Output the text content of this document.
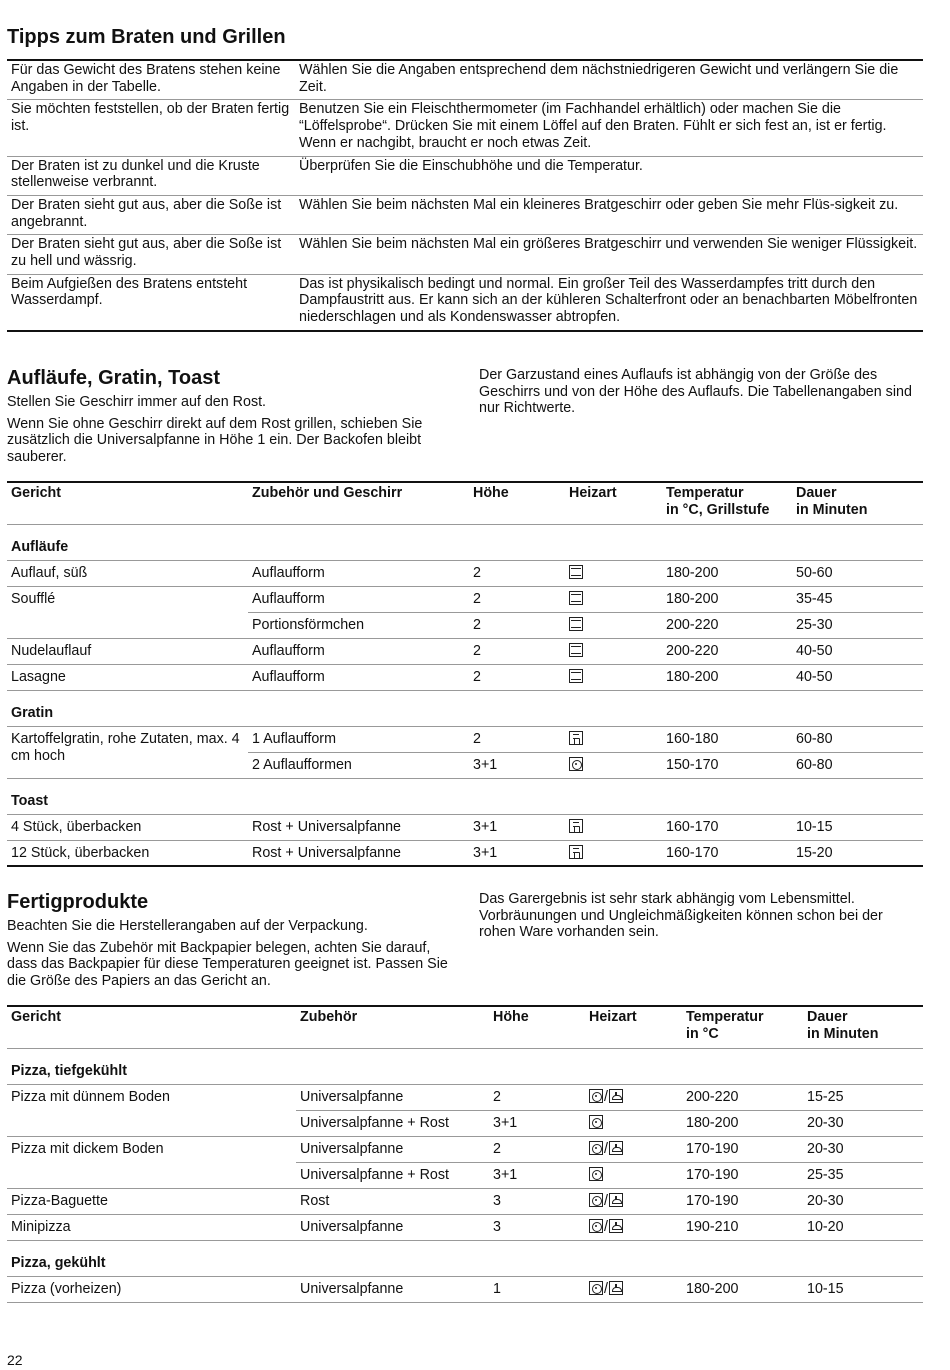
Tipps zum Braten und Grillen
Für das Gewicht des Bratens stehen keine Angaben in der Tabelle.	Wählen Sie die Angaben entsprechend dem nächstniedrigeren Gewicht und verlängern Sie die Zeit.
Sie möchten feststellen, ob der Braten fertig ist.	Benutzen Sie ein Fleischthermometer (im Fachhandel erhältlich) oder machen Sie die “Löffelsprobe“. Drücken Sie mit einem Löffel auf den Braten. Fühlt er sich fest an, ist er fertig. Wenn er nachgibt, braucht er noch etwas Zeit.
Der Braten ist zu dunkel und die Kruste stellenweise verbrannt.	Überprüfen Sie die Einschubhöhe und die Temperatur.
Der Braten sieht gut aus, aber die Soße ist angebrannt.	Wählen Sie beim nächsten Mal ein kleineres Bratgeschirr oder geben Sie mehr Flüs-sigkeit zu.
Der Braten sieht gut aus, aber die Soße ist zu hell und wässrig.	Wählen Sie beim nächsten Mal ein größeres Bratgeschirr und verwenden Sie weniger Flüssigkeit.
Beim Aufgießen des Bratens entsteht Wasserdampf.	Das ist physikalisch bedingt und normal. Ein großer Teil des Wasserdampfes tritt durch den Dampfaustritt aus. Er kann sich an der kühleren Schalterfront oder an benachbarten Möbelfronten niederschlagen und als Kondenswasser abtropfen.
Aufläufe, Gratin, Toast

Stellen Sie Geschirr immer auf den Rost.

Wenn Sie ohne Geschirr direkt auf dem Rost grillen, schieben Sie zusätzlich die Universalpfanne in Höhe 1 ein. Der Backofen bleibt sauberer.

Der Garzustand eines Auflaufs ist abhängig von der Größe des Geschirrs und von der Höhe des Auflaufs. Die Tabellenangaben sind nur Richtwerte.

Gericht	Zubehör und Geschirr	Höhe	Heizart	Temperatur
in °C, Grillstufe	Dauer
in Minuten
Aufläufe					
Auflauf, süß	Auflaufform	2		180-200	50-60
Soufflé	Auflaufform	2		180-200	35-45
	Portionsförmchen	2		200-220	25-30
Nudelauflauf	Auflaufform	2		200-220	40-50
Lasagne	Auflaufform	2		180-200	40-50
Gratin					
Kartoffelgratin, rohe Zutaten, max. 4 cm hoch	1 Auflaufform	2		160-180	60-80
	2 Auflaufformen	3+1		150-170	60-80
Toast					
4 Stück, überbacken	Rost + Universalpfanne	3+1		160-170	10-15
12 Stück, überbacken	Rost + Universalpfanne	3+1		160-170	15-20
Fertigprodukte

Beachten Sie die Herstellerangaben auf der Verpackung.

Wenn Sie das Zubehör mit Backpapier belegen, achten Sie darauf, dass das Backpapier für diese Temperaturen geeignet ist. Passen Sie die Größe des Papiers an das Gericht an.

Das Garergebnis ist sehr stark abhängig vom Lebensmittel. Vorbräunungen und Ungleichmäßigkeiten können schon bei der rohen Ware vorhanden sein.

Gericht	Zubehör	Höhe	Heizart	Temperatur
in °C	Dauer
in Minuten
Pizza, tiefgekühlt					
Pizza mit dünnem Boden	Universalpfanne	2	/	200-220	15-25
	Universalpfanne + Rost	3+1		180-200	20-30
Pizza mit dickem Boden	Universalpfanne	2	/	170-190	20-30
	Universalpfanne + Rost	3+1		170-190	25-35
Pizza-Baguette	Rost	3	/	170-190	20-30
Minipizza	Universalpfanne	3	/	190-210	10-20
Pizza, gekühlt					
Pizza (vorheizen)	Universalpfanne	1	/	180-200	10-15
22
